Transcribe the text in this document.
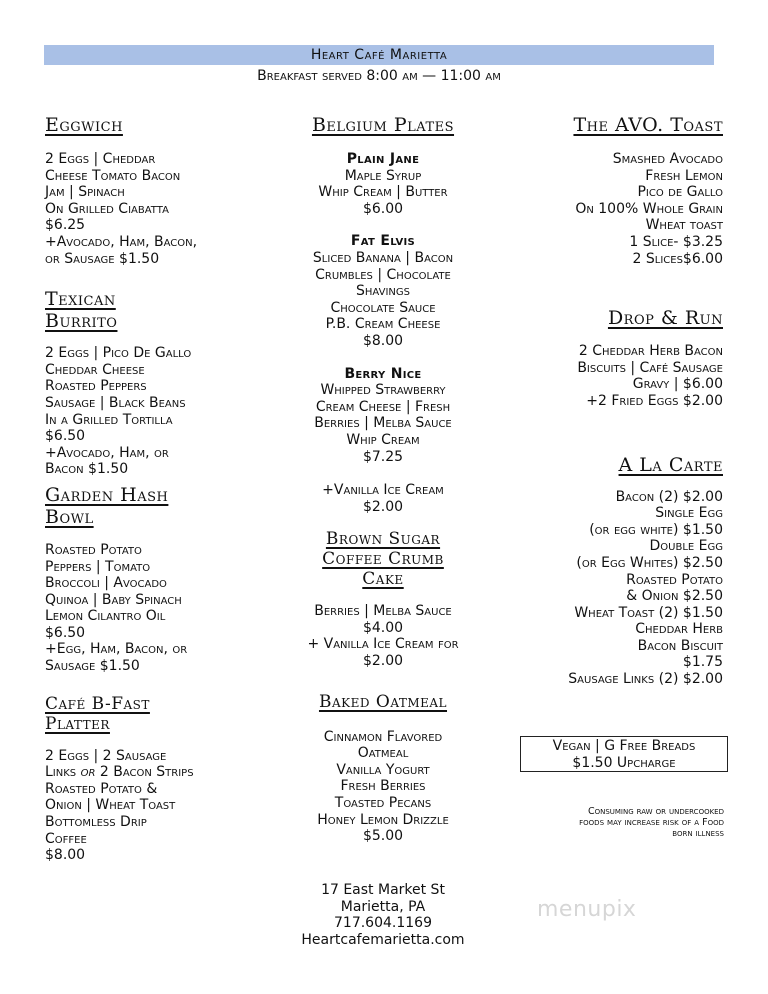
Heart Café Marietta
Breakfast served 8:00 am — 11:00 am
Eggwich

2 Eggs | Cheddar

Cheese Tomato Bacon

Jam | Spinach

On Grilled Ciabatta

$6.25

+Avocado, Ham, Bacon,

or Sausage $1.50

Texican

Burrito

2 Eggs | Pico De Gallo

Cheddar Cheese

Roasted Peppers

Sausage | Black Beans

In a Grilled Tortilla

$6.50

+Avocado, Ham, or

Bacon $1.50

Garden Hash

Bowl

Roasted Potato

Peppers | Tomato

Broccoli | Avocado

Quinoa | Baby Spinach

Lemon Cilantro Oil

$6.50

+Egg, Ham, Bacon, or

Sausage $1.50

Café B-Fast

Platter

2 Eggs | 2 Sausage

Links or 2 Bacon Strips

Roasted Potato &

Onion | Wheat Toast

Bottomless Drip

Coffee

$8.00

Belgium Plates
Plain Jane

Maple Syrup

Whip Cream | Butter

$6.00

Fat Elvis

Sliced Banana | Bacon

Crumbles | Chocolate

Shavings

Chocolate Sauce

P.B. Cream Cheese

$8.00

Berry Nice

Whipped Strawberry

Cream Cheese | Fresh

Berries | Melba Sauce

Whip Cream

$7.25

+Vanilla Ice Cream

$2.00

Brown Sugar

Coffee Crumb

Cake

Berries | Melba Sauce

$4.00

+ Vanilla Ice Cream for

$2.00

Baked Oatmeal

Cinnamon Flavored

Oatmeal

Vanilla Yogurt

Fresh Berries

Toasted Pecans

Honey Lemon Drizzle

$5.00

17 East Market St

Marietta, PA

717.604.1169

Heartcafemarietta.com

The AVO. Toast

Smashed Avocado

Fresh Lemon

Pico de Gallo

On 100% Whole Grain

Wheat toast

1 Slice- $3.25

2 Slices$6.00

Drop & Run

2 Cheddar Herb Bacon

Biscuits | Café Sausage

Gravy | $6.00

+2 Fried Eggs $2.00

A La Carte

Bacon (2) $2.00

Single Egg

(or egg white) $1.50

Double Egg

(or Egg Whites) $2.50

Roasted Potato

& Onion $2.50

Wheat Toast (2) $1.50

Cheddar Herb

Bacon Biscuit

$1.75

Sausage Links (2) $2.00

Vegan | G Free Breads
$1.50 Upcharge
Consuming raw or undercooked
foods may increase risk of a Food
born illness
menupix
